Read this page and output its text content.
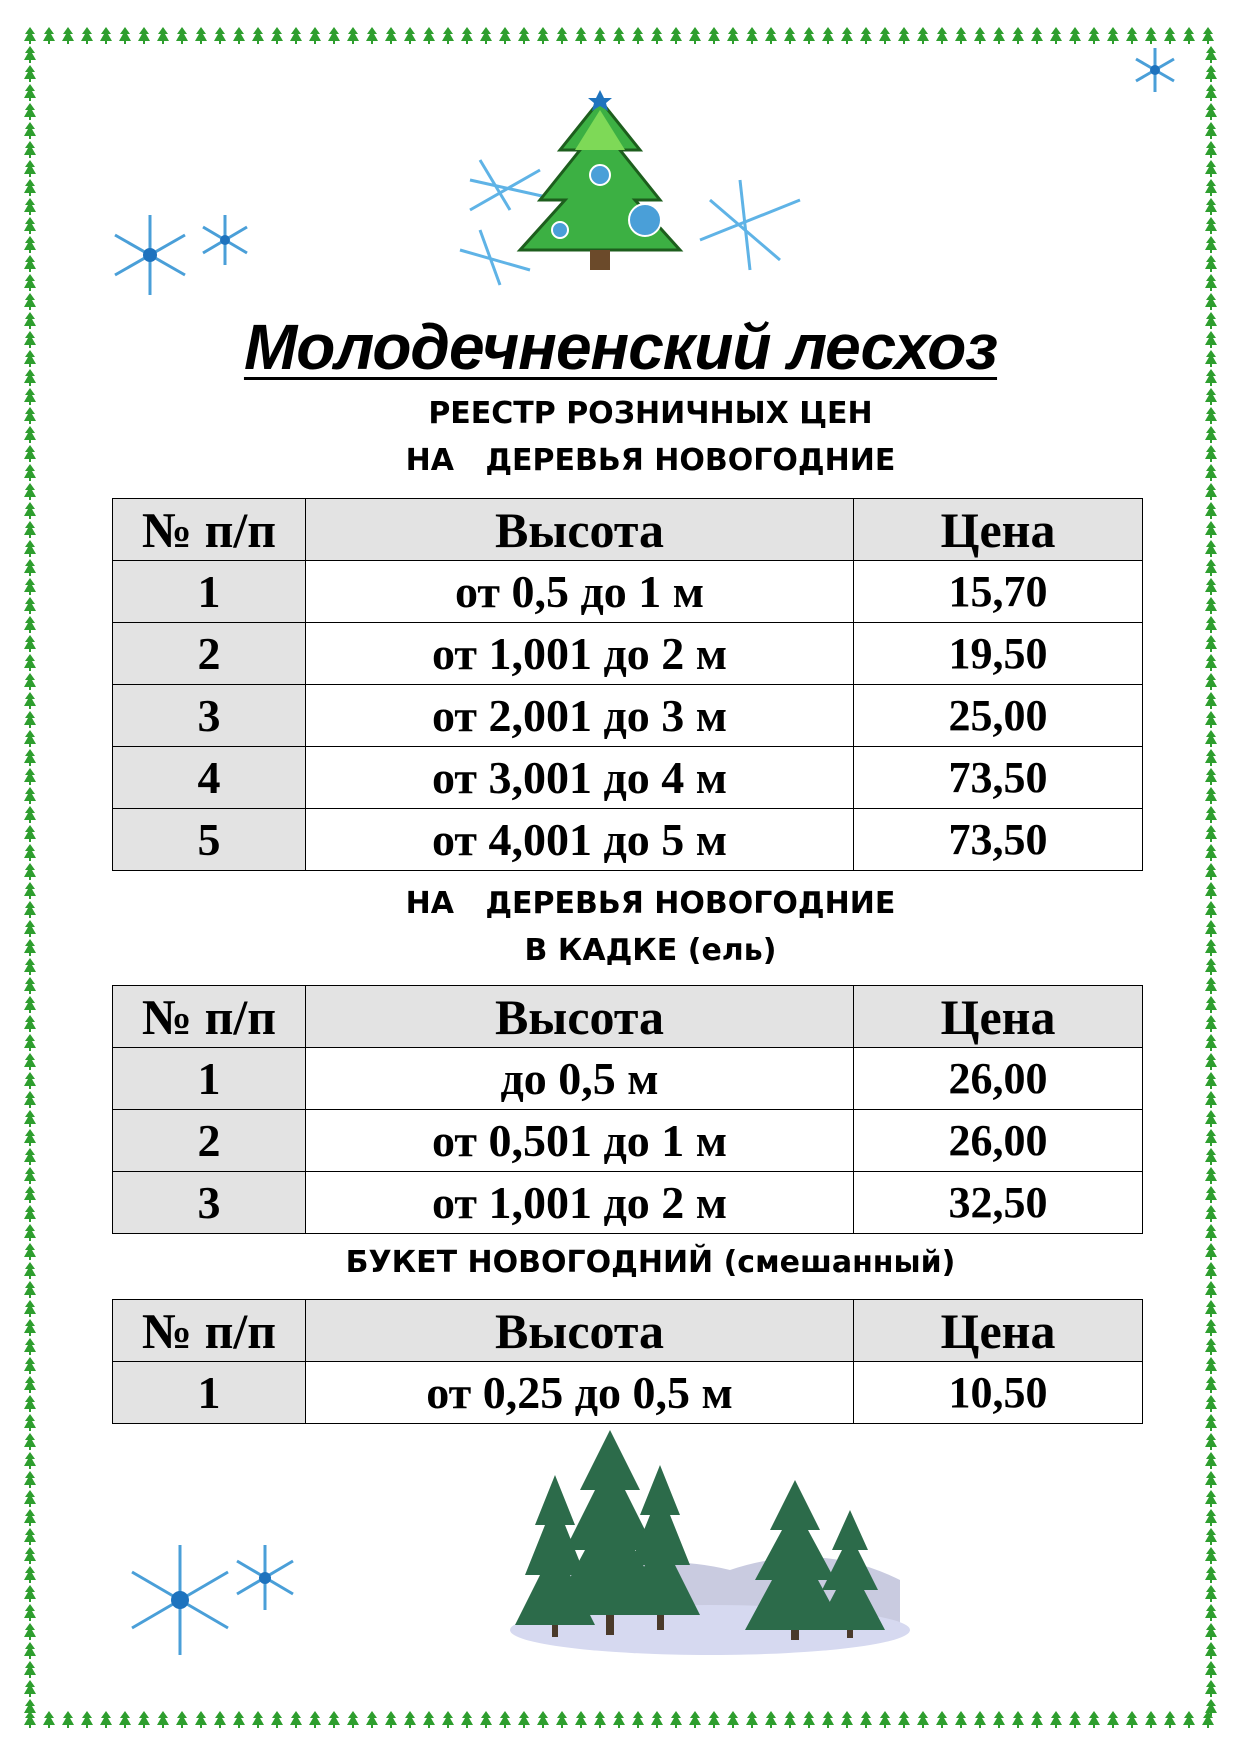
Молодечненский лесхоз
РЕЕСТР РОЗНИЧНЫХ ЦЕН
НА   ДЕРЕВЬЯ НОВОГОДНИЕ
№ п/п	Высота	Цена
1	от 0,5 до 1 м	15,70
2	от 1,001 до 2 м	19,50
3	от 2,001 до 3 м	25,00
4	от 3,001 до 4 м	73,50
5	от 4,001 до 5 м	73,50
НА   ДЕРЕВЬЯ НОВОГОДНИЕ
В КАДКЕ (ель)
№ п/п	Высота	Цена
1	до 0,5 м	26,00
2	от 0,501 до 1 м	26,00
3	от 1,001 до 2 м	32,50
БУКЕТ НОВОГОДНИЙ (смешанный)
№ п/п	Высота	Цена
1	от 0,25 до 0,5 м	10,50
